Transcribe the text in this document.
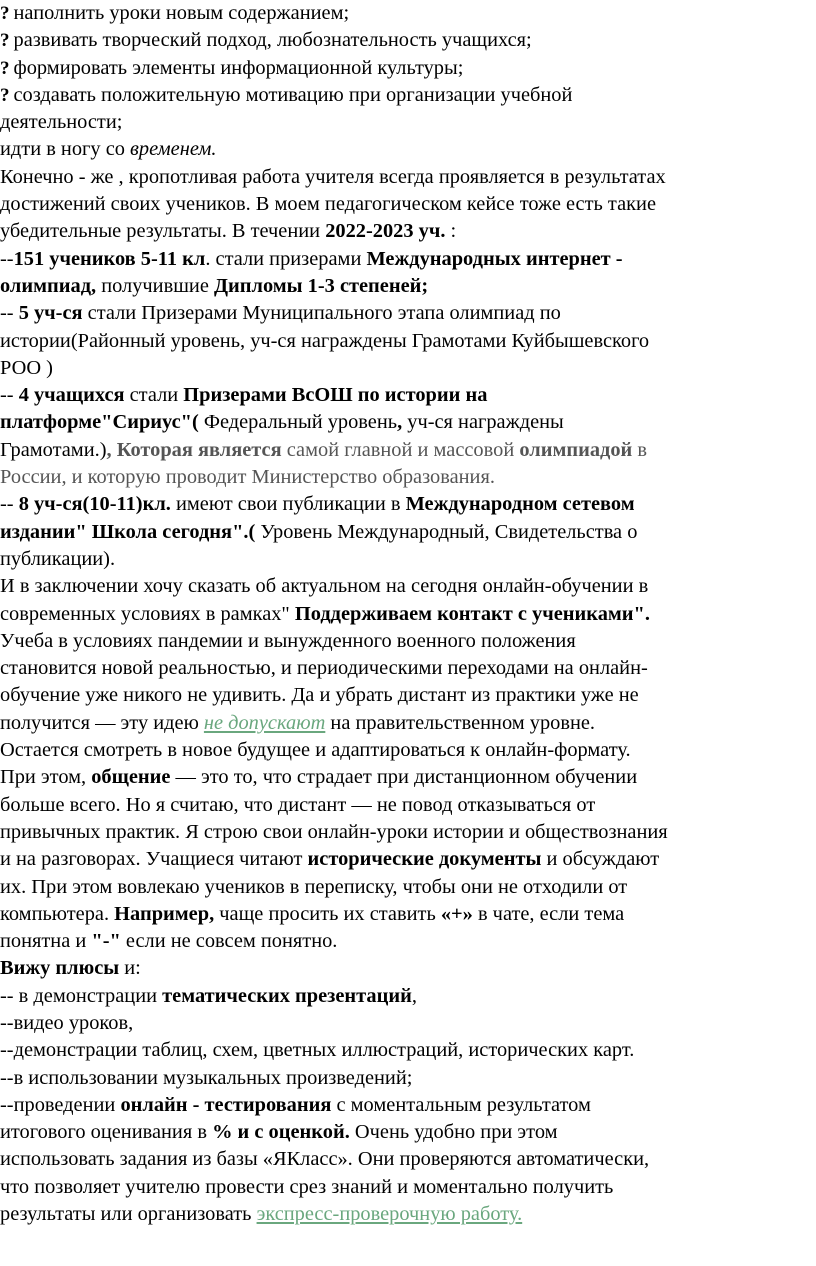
? наполнить уроки новым содержанием;

? развивать творческий подход, любознательность учащихся;

? формировать элементы информационной культуры;

? создавать положительную мотивацию при организации учебной

деятельности;

идти в ногу со временем.

Конечно - же , кропотливая работа учителя всегда проявляется в результатах

достижений своих учеников. В моем педагогическом кейсе тоже есть такие

убедительные результаты. В течении 2022-2023 уч. :

--151 учеников 5-11 кл. стали призерами Международных интернет -

олимпиад, получившие Дипломы 1-3 степеней;

-- 5 уч-ся стали Призерами Муниципального этапа олимпиад по

истории(Районный уровень, уч-ся награждены Грамотами Куйбышевского

РОО )

-- 4 учащихся стали Призерами ВсОШ по истории на

платформе"Сириус"( Федеральный уровень, уч-ся награждены

Грамотами.), Которая является самой главной и массовой олимпиадой в

России, и которую проводит Министерство образования.

-- 8 уч-ся(10-11)кл. имеют свои публикации в Международном сетевом

издании" Школа сегодня".( Уровень Международный, Свидетельства о

публикации).

И в заключении хочу сказать об актуальном на сегодня онлайн-обучении в

современных условиях в рамках" Поддерживаем контакт с учениками".

Учеба в условиях пандемии и вынужденного военного положения

становится новой реальностью, и периодическими переходами на онлайн-

обучение уже никого не удивить. Да и убрать дистант из практики уже не

получится — эту идею не допускают на правительственном уровне.

Остается смотреть в новое будущее и адаптироваться к онлайн-формату.

При этом, общение — это то, что страдает при дистанционном обучении

больше всего. Но я считаю, что дистант — не повод отказываться от

привычных практик. Я строю свои онлайн-уроки истории и обществознания

и на разговорах. Учащиеся читают исторические документы и обсуждают

их. При этом вовлекаю учеников в переписку, чтобы они не отходили от

компьютера. Например, чаще просить их ставить «+» в чате, если тема

понятна и "-" если не совсем понятно.

Вижу плюсы и:

-- в демонстрации тематических презентаций,

--видео уроков,

--демонстрации таблиц, схем, цветных иллюстраций, исторических карт.

--в использовании музыкальных произведений;

--проведении онлайн - тестирования с моментальным результатом

итогового оценивания в % и с оценкой. Очень удобно при этом

использовать задания из базы «ЯКласс». Они проверяются автоматически,

что позволяет учителю провести срез знаний и моментально получить

результаты или организовать экспресс-проверочную работу.
